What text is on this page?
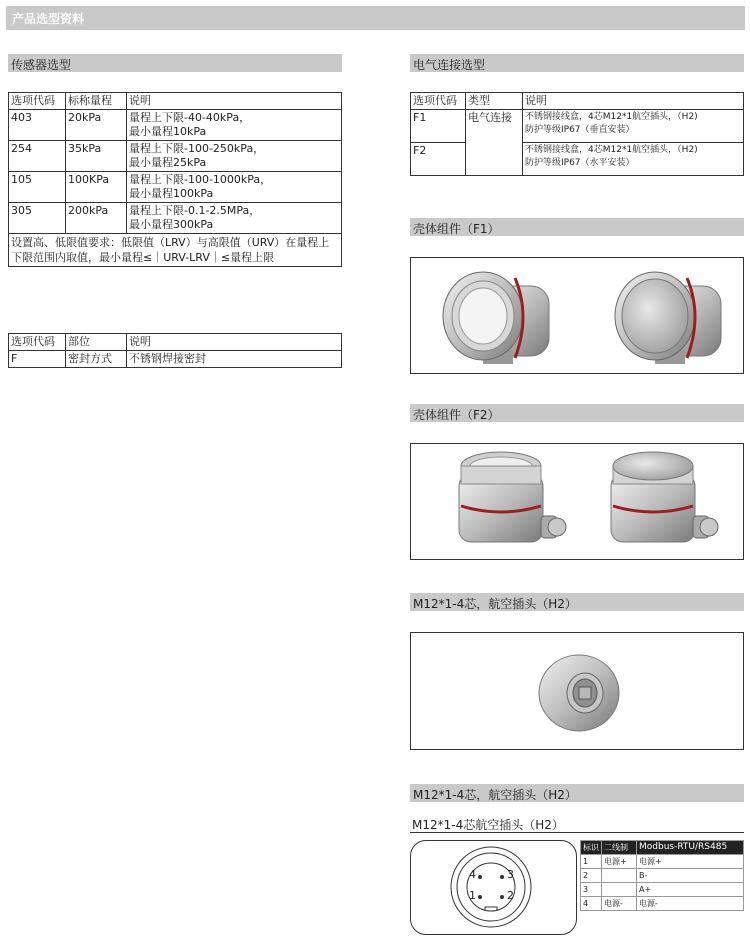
产品选型资料
传感器选型
选项代码	标称量程	说明
403	20kPa	量程上下限-40-40kPa，
最小量程10kPa

254	35kPa	量程上下限-100-250kPa，
最小量程25kPa

105	100KPa	量程上下限-100-1000kPa，
最小量程100kPa

305	200kPa	量程上下限-0.1-2.5MPa，
最小量程300kPa

设置高、低限值要求：低限值（LRV）与高限值（URV）在量程上下限范围内取值，最小量程≤｜URV-LRV｜≤量程上限		
选项代码	部位	说明
F	密封方式	不锈钢焊接密封
电气连接选型
选项代码	类型	说明
F1	电气连接	不锈钢接线盒，4芯M12*1航空插头，（H2)
防护等级IP67（垂直安装）

F2		不锈钢接线盒，4芯M12*1航空插头，（H2)
防护等级IP67（水平安装）
壳体组件（F1）
壳体组件（F2）
M12*1-4芯，航空插头（H2）
M12*1-4芯，航空插头（H2）
M12*1-4芯航空插头（H2）
4	3
1	2
标识	二线制	Modbus-RTU/RS485
1	电源+	电源+
2		B-
3		A+
4	电源-	电源-
